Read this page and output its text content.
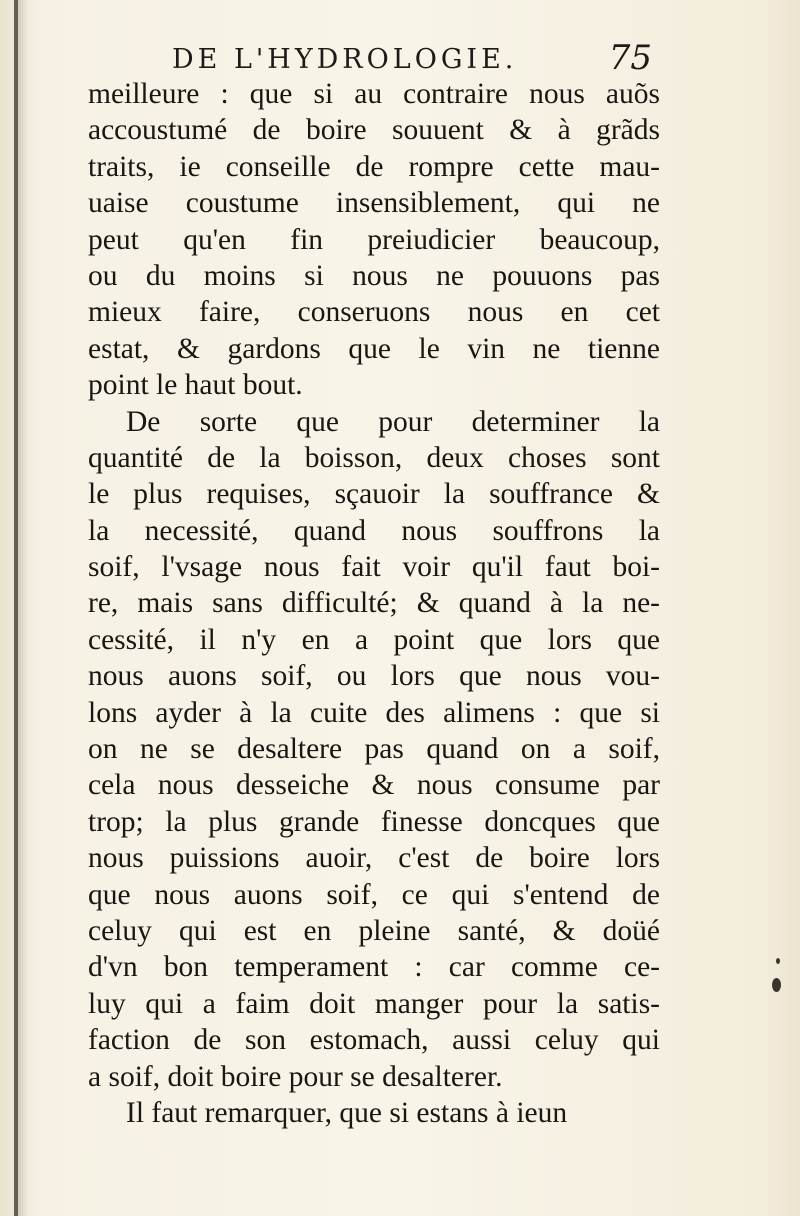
DE L'HYDROLOGIE.	75
meilleure : que si au contraire nous auõs
accoustumé de boire souuent & à grãds
traits, ie conseille de rompre cette mau-
uaise coustume insensiblement, qui ne
peut qu'en fin preiudicier beaucoup,
ou du moins si nous ne pouuons pas
mieux faire, conseruons nous en cet
estat, & gardons que le vin ne tienne
point le haut bout.
De sorte que pour determiner la
quantité de la boisson, deux choses sont
le plus requises, sçauoir la souffrance &
la necessité, quand nous souffrons la
soif, l'vsage nous fait voir qu'il faut boi-
re, mais sans difficulté; & quand à la ne-
cessité, il n'y en a point que lors que
nous auons soif, ou lors que nous vou-
lons ayder à la cuite des alimens : que si
on ne se desaltere pas quand on a soif,
cela nous desseiche & nous consume par
trop; la plus grande finesse doncques que
nous puissions auoir, c'est de boire lors
que nous auons soif, ce qui s'entend de
celuy qui est en pleine santé, & doüé
d'vn bon temperament : car comme ce-
luy qui a faim doit manger pour la satis-
faction de son estomach, aussi celuy qui
a soif, doit boire pour se desalterer.
Il faut remarquer, que si estans à ieun
